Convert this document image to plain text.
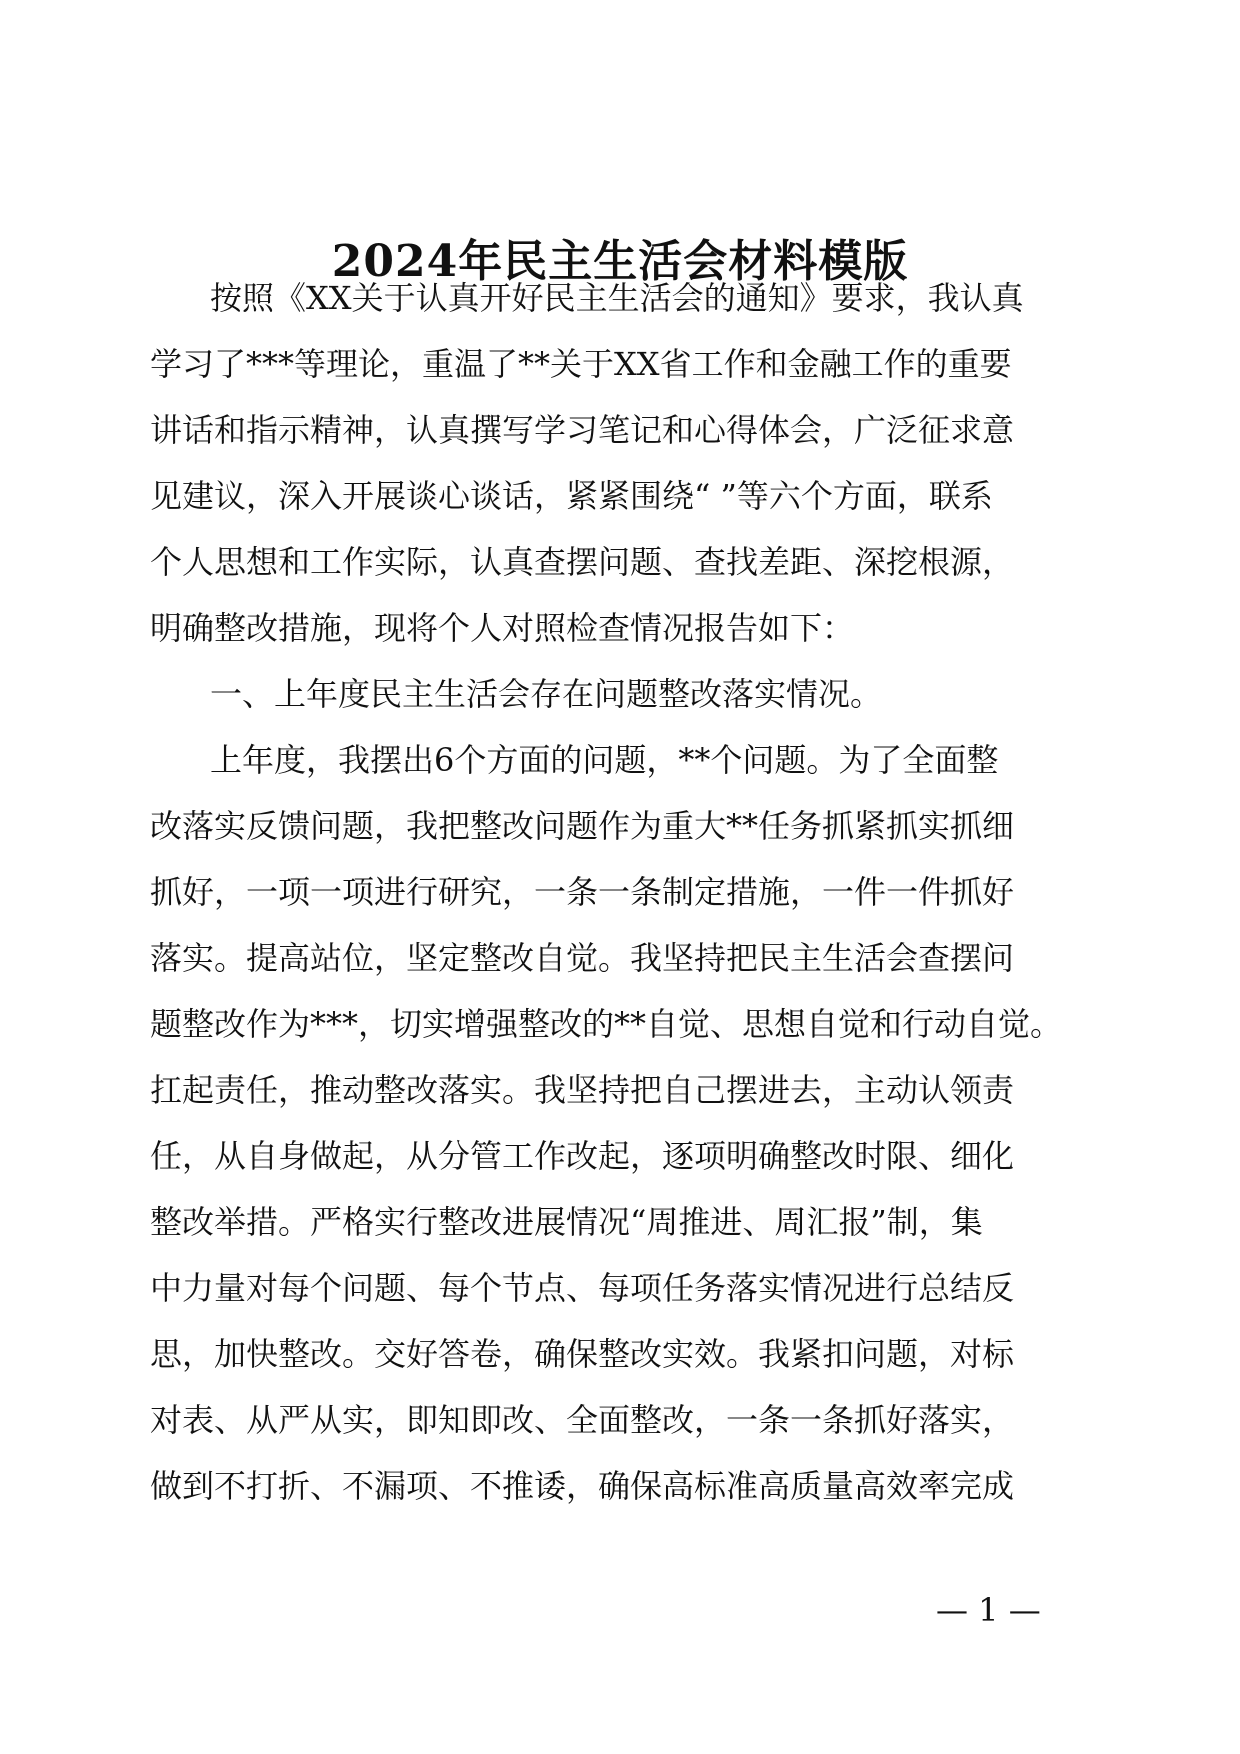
2024年民主生活会材料模版
按照《XX关于认真开好民主生活会的通知》要求，我认真
学习了***等理论，重温了**关于XX省工作和金融工作的重要
讲话和指示精神，认真撰写学习笔记和心得体会，广泛征求意
见建议，深入开展谈心谈话，紧紧围绕“ ”等六个方面，联系
个人思想和工作实际，认真查摆问题、查找差距、深挖根源，
明确整改措施，现将个人对照检查情况报告如下：
一、上年度民主生活会存在问题整改落实情况。
上年度，我摆出6个方面的问题，**个问题。为了全面整
改落实反馈问题，我把整改问题作为重大**任务抓紧抓实抓细
抓好，一项一项进行研究，一条一条制定措施，一件一件抓好
落实。提高站位，坚定整改自觉。我坚持把民主生活会查摆问
题整改作为***，切实增强整改的**自觉、思想自觉和行动自觉。
扛起责任，推动整改落实。我坚持把自己摆进去，主动认领责
任，从自身做起，从分管工作改起，逐项明确整改时限、细化
整改举措。严格实行整改进展情况“周推进、周汇报”制，集
中力量对每个问题、每个节点、每项任务落实情况进行总结反
思，加快整改。交好答卷，确保整改实效。我紧扣问题，对标
对表、从严从实，即知即改、全面整改，一条一条抓好落实，
做到不打折、不漏项、不推诿，确保高标准高质量高效率完成
— 1 —
